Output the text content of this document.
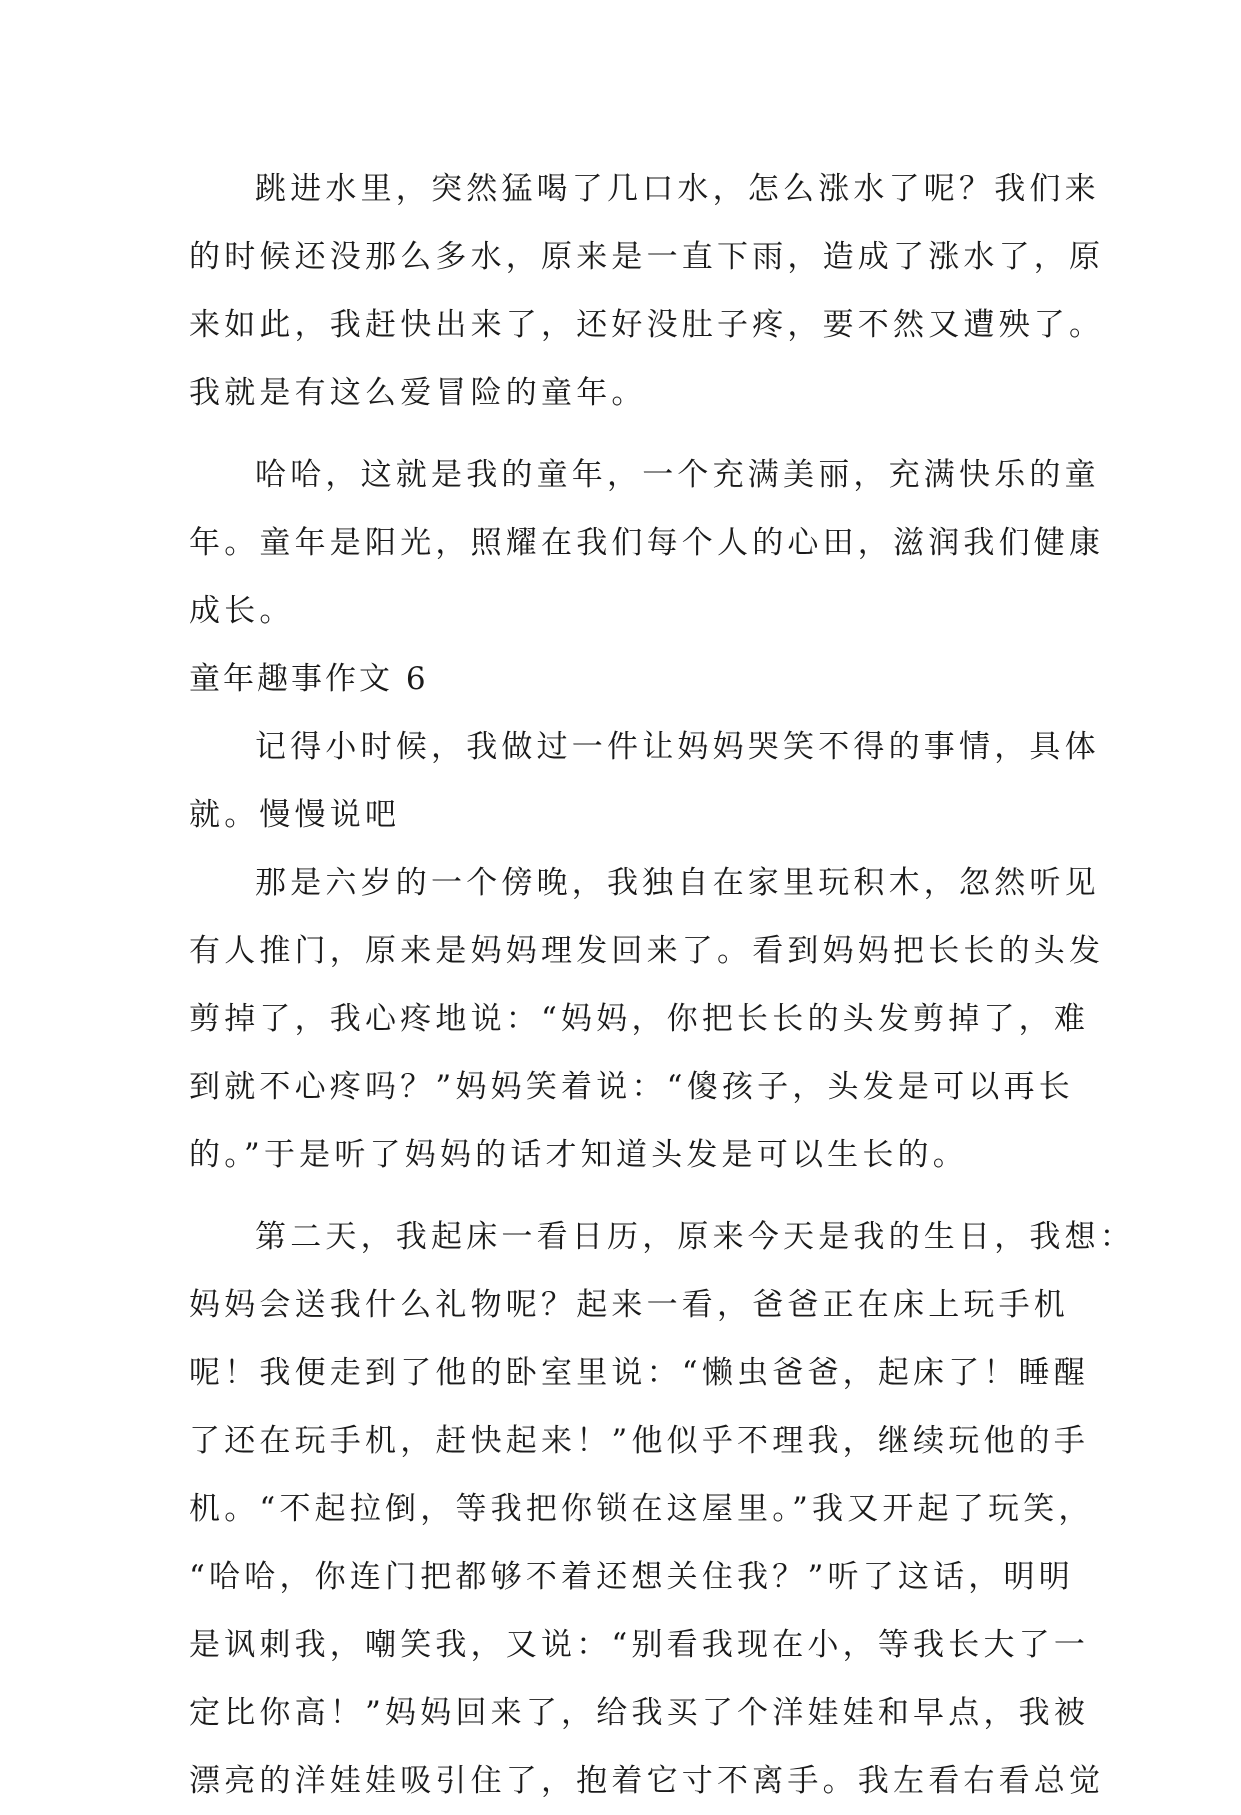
跳进水里，突然猛喝了几口水，怎么涨水了呢？我们来
的时候还没那么多水，原来是一直下雨，造成了涨水了，原
来如此，我赶快出来了，还好没肚子疼，要不然又遭殃了。
我就是有这么爱冒险的童年。
哈哈，这就是我的童年，一个充满美丽，充满快乐的童
年。童年是阳光，照耀在我们每个人的心田，滋润我们健康
成长。
童年趣事作文 6
记得小时候，我做过一件让妈妈哭笑不得的事情，具体
就。慢慢说吧
那是六岁的一个傍晚，我独自在家里玩积木，忽然听见
有人推门，原来是妈妈理发回来了。看到妈妈把长长的头发
剪掉了，我心疼地说：“妈妈，你把长长的头发剪掉了，难
到就不心疼吗？”妈妈笑着说：“傻孩子，头发是可以再长
的。”于是听了妈妈的话才知道头发是可以生长的。
第二天，我起床一看日历，原来今天是我的生日，我想：
妈妈会送我什么礼物呢？起来一看，爸爸正在床上玩手机
呢！我便走到了他的卧室里说：“懒虫爸爸，起床了！睡醒
了还在玩手机，赶快起来！”他似乎不理我，继续玩他的手
机。“不起拉倒，等我把你锁在这屋里。”我又开起了玩笑，
“哈哈，你连门把都够不着还想关住我？”听了这话，明明
是讽刺我，嘲笑我，又说：“别看我现在小，等我长大了一
定比你高！”妈妈回来了，给我买了个洋娃娃和早点，我被
漂亮的洋娃娃吸引住了，抱着它寸不离手。我左看右看总觉
